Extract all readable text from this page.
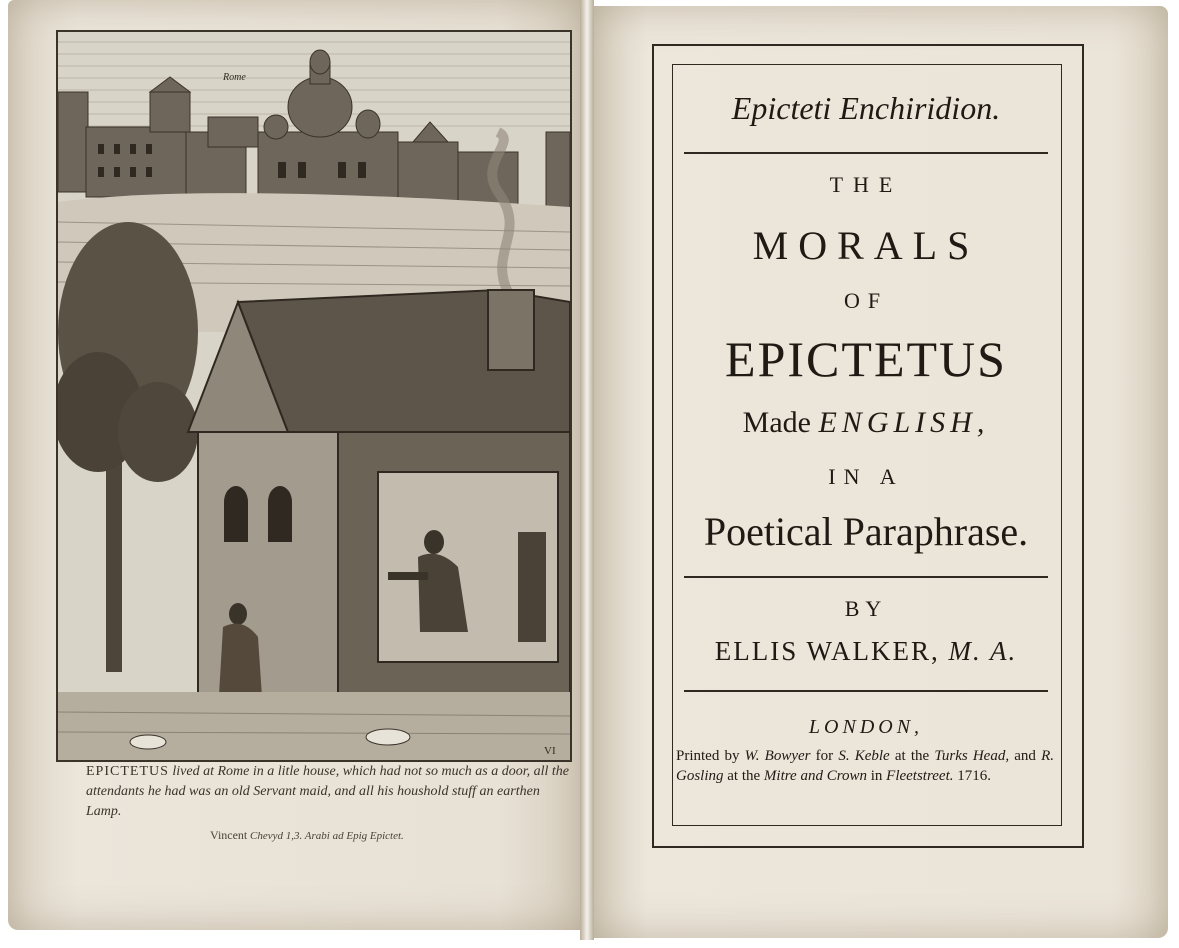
Rome
VI
EPICTETUS lived at Rome in a litle house, which had not so much as a door, all the attendants he had was an old Servant maid, and all his houshold stuff an earthen Lamp.
Vincent Chevyd 1,3. Arabi ad Epig Epictet.
Epicteti Enchiridion.
THE
MORALS
OF
EPICTETUS
Made ENGLISH,
IN A
Poetical Paraphrase.
BY
ELLIS WALKER, M. A.
LONDON,
Printed by W. Bowyer for S. Keble at the Turks Head, and R. Gosling at the Mitre and Crown in Fleetstreet. 1716.
